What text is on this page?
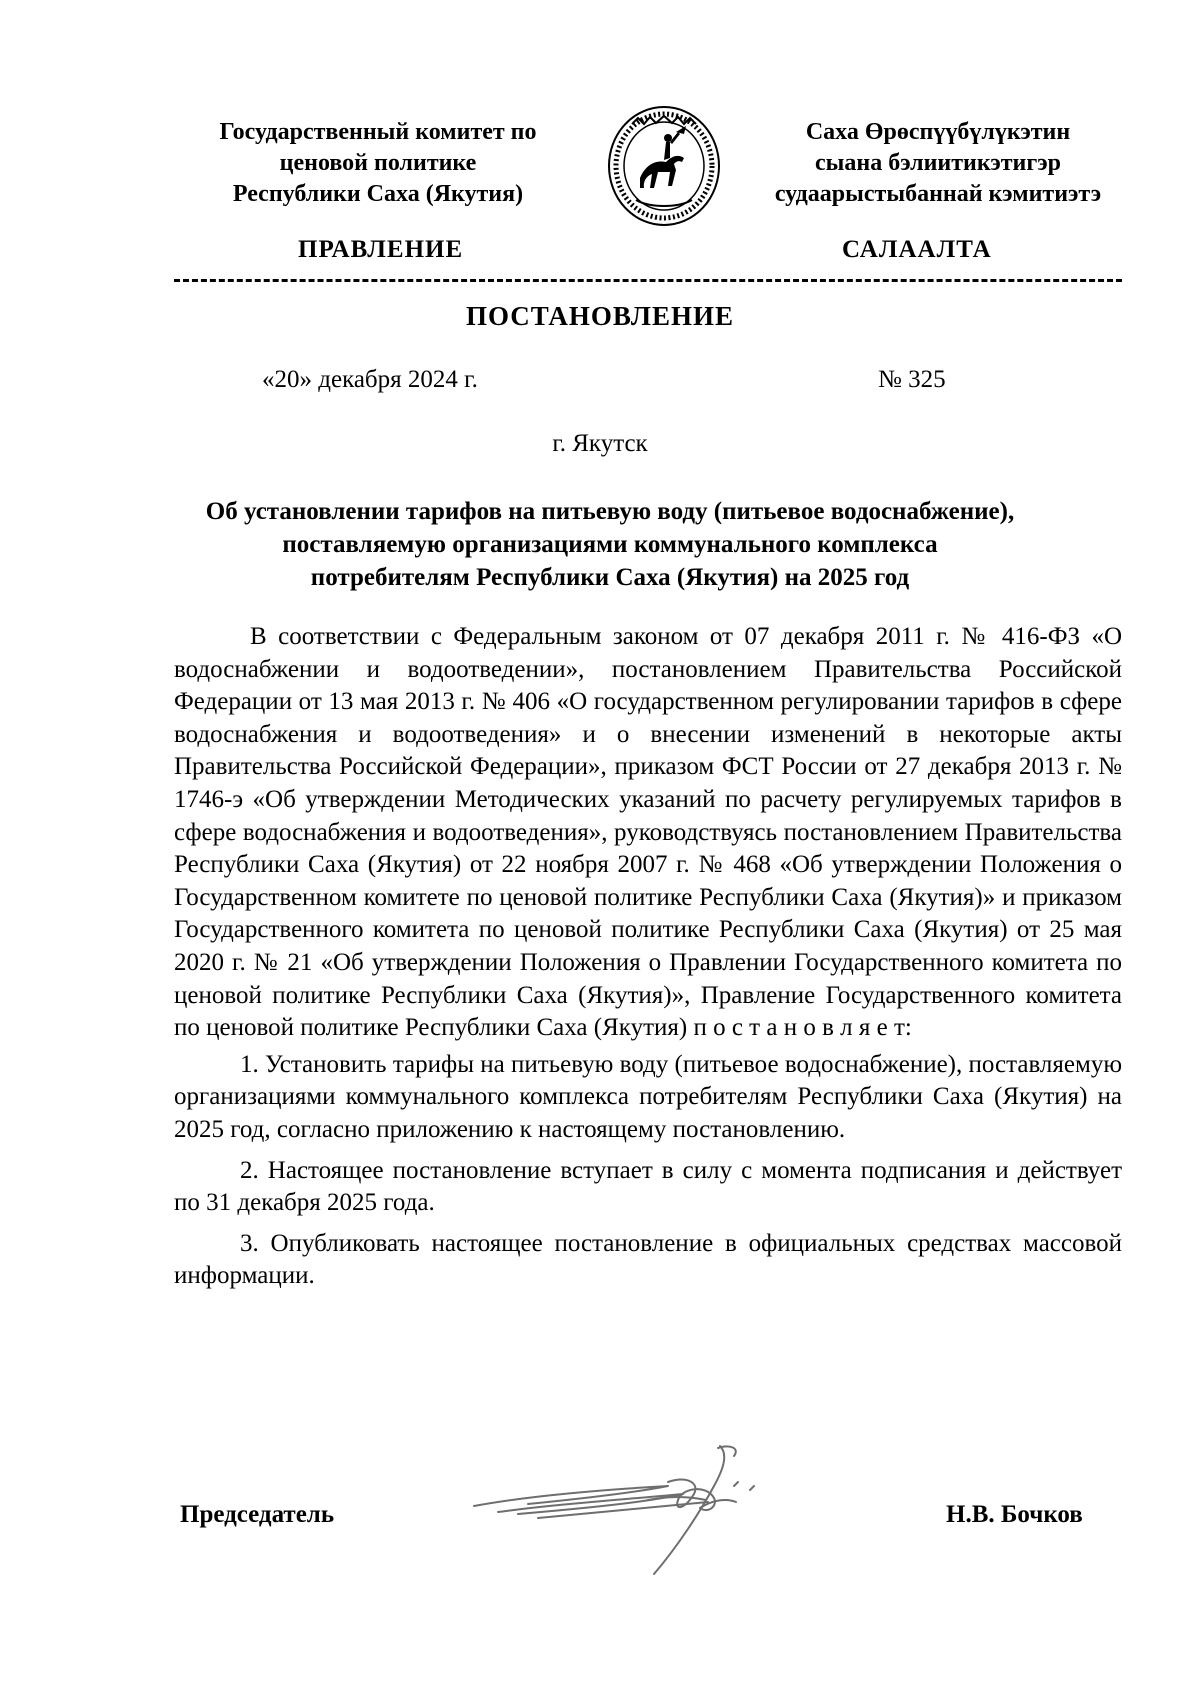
Государственный комитет по
ценовой политике
Республики Саха (Якутия)
Саха Өрөспүүбүлүкэтин
сыана бэлиитикэтигэр
судаарыстыбаннай кэмитиэтэ
ПРАВЛЕНИЕ	САЛААЛТА
ПОСТАНОВЛЕНИЕ
«20» декабря 2024 г.	№ 325
г. Якутск
Об установлении тарифов на питьевую воду (питьевое водоснабжение),
поставляемую организациями коммунального комплекса
потребителям Республики Саха (Якутия) на 2025 год

В соответствии с Федеральным законом от 07 декабря 2011 г. № 416-ФЗ «О водоснабжении и водоотведении», постановлением Правительства Российской Федерации от 13 мая 2013 г. № 406 «О государственном регулировании тарифов в сфере водоснабжения и водоотведения» и о внесении изменений в некоторые акты Правительства Российской Федерации», приказом ФСТ России от 27 декабря 2013 г. № 1746-э «Об утверждении Методических указаний по расчету регулируемых тарифов в сфере водоснабжения и водоотведения», руководствуясь постановлением Правительства Республики Саха (Якутия) от 22 ноября 2007 г. № 468 «Об утверждении Положения о Государственном комитете по ценовой политике Республики Саха (Якутия)» и приказом Государственного комитета по ценовой политике Республики Саха (Якутия) от 25 мая 2020 г. № 21 «Об утверждении Положения о Правлении Государственного комитета по ценовой политике Республики Саха (Якутия)», Правление Государственного комитета по ценовой политике Республики Саха (Якутия) п о с т а н о в л я е т:

1. Установить тарифы на питьевую воду (питьевое водоснабжение), поставляемую организациями коммунального комплекса потребителям Республики Саха (Якутия) на 2025 год, согласно приложению к настоящему постановлению.

2. Настоящее постановление вступает в силу с момента подписания и действует по 31 декабря 2025 года.

3. Опубликовать настоящее постановление в официальных средствах массовой информации.

Председатель	Н.В. Бочков
